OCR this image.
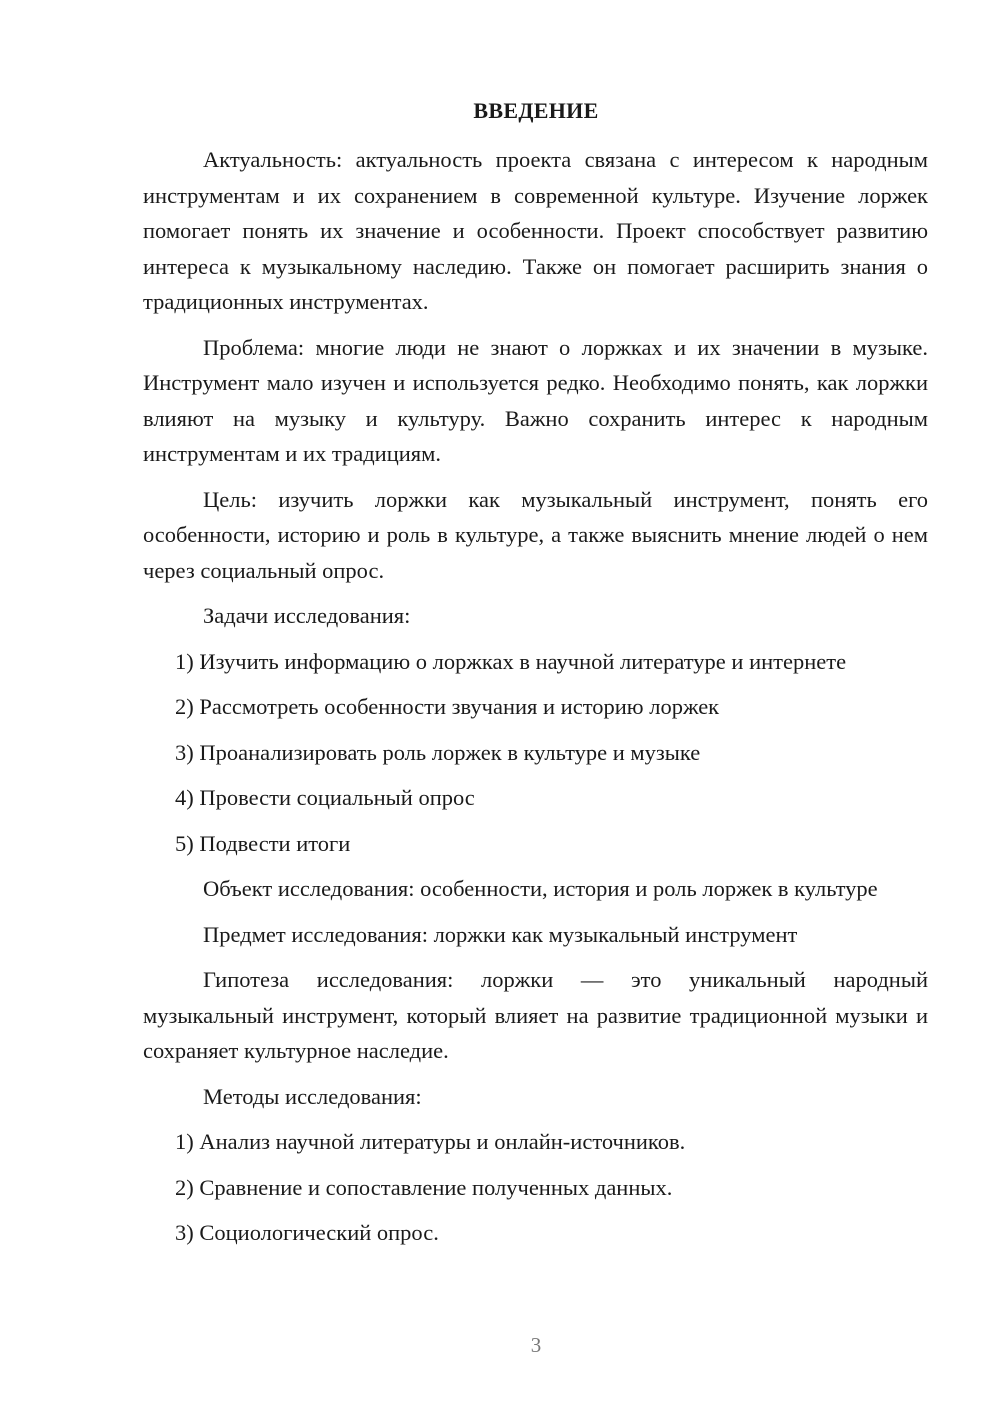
ВВЕДЕНИЕ

Актуальность: актуальность проекта связана с интересом к народным инструментам и их сохранением в современной культуре. Изучение лоржек помогает понять их значение и особенности. Проект способствует развитию интереса к музыкальному наследию. Также он помогает расширить знания о традиционных инструментах.

Проблема: многие люди не знают о лоржках и их значении в музыке. Инструмент мало изучен и используется редко. Необходимо понять, как лоржки влияют на музыку и культуру. Важно сохранить интерес к народным инструментам и их традициям.

Цель: изучить лоржки как музыкальный инструмент, понять его особенности, историю и роль в культуре, а также выяснить мнение людей о нем через социальный опрос.

Задачи исследования:

1) Изучить информацию о лоржках в научной литературе и интернете
2) Рассмотреть особенности звучания и историю лоржек
3) Проанализировать роль лоржек в культуре и музыке
4) Провести социальный опрос
5) Подвести итоги

Объект исследования: особенности, история и роль лоржек в культуре

Предмет исследования: лоржки как музыкальный инструмент

Гипотеза исследования: лоржки — это уникальный народный музыкальный инструмент, который влияет на развитие традиционной музыки и сохраняет культурное наследие.

Методы исследования:

1) Анализ научной литературы и онлайн-источников.
2) Сравнение и сопоставление полученных данных.
3) Социологический опрос.
3
